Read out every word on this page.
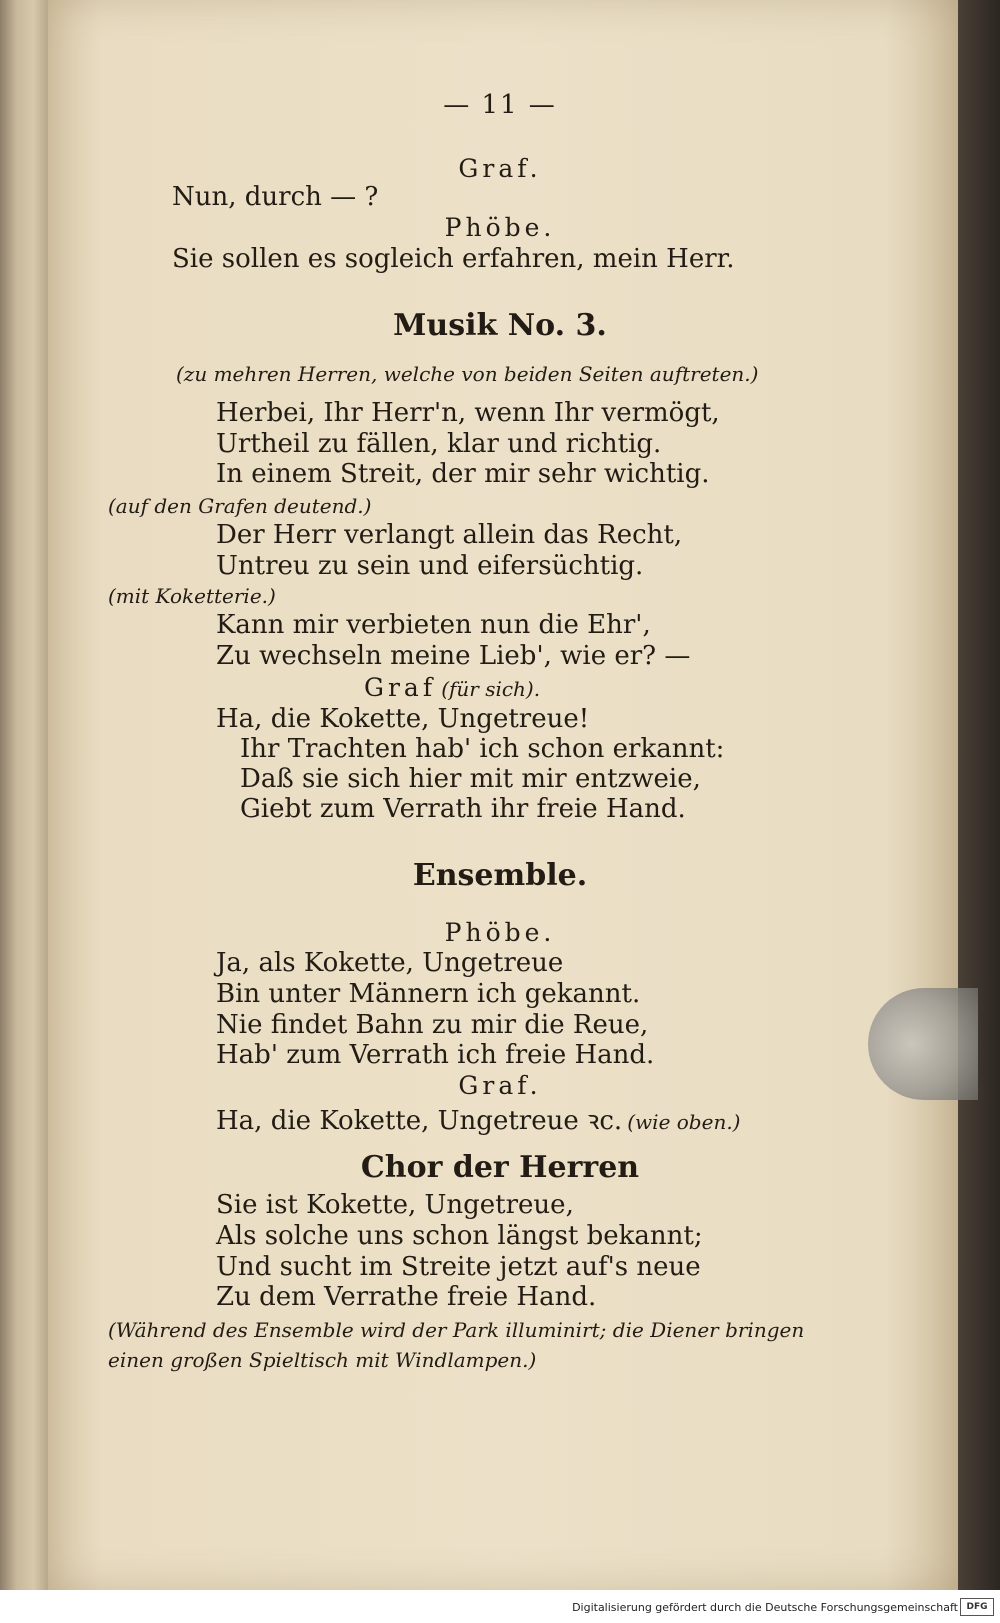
— 11 —
Graf.
Nun, durch — ?
Phöbe.
Sie sollen es sogleich erfahren, mein Herr.
Musik No. 3.
(zu mehren Herren, welche von beiden Seiten auftreten.)
Herbei, Ihr Herr'n, wenn Ihr vermögt,
Urtheil zu fällen, klar und richtig.
In einem Streit, der mir sehr wichtig.
(auf den Grafen deutend.)
Der Herr verlangt allein das Recht,
Untreu zu sein und eifersüchtig.
(mit Koketterie.)
Kann mir verbieten nun die Ehr',
Zu wechseln meine Lieb', wie er? —
Graf (für sich).
Ha, die Kokette, Ungetreue!
Ihr Trachten hab' ich schon erkannt:
Daß sie sich hier mit mir entzweie,
Giebt zum Verrath ihr freie Hand.
Ensemble.
Phöbe.
Ja, als Kokette, Ungetreue
Bin unter Männern ich gekannt.
Nie findet Bahn zu mir die Reue,
Hab' zum Verrath ich freie Hand.
Graf.
Ha, die Kokette, Ungetreue ꝛc. (wie oben.)
Chor der Herren
Sie ist Kokette, Ungetreue,
Als solche uns schon längst bekannt;
Und sucht im Streite jetzt auf's neue
Zu dem Verrathe freie Hand.
(Während des Ensemble wird der Park illuminirt; die Diener bringen
einen großen Spieltisch mit Windlampen.)
Digitalisierung gefördert durch die Deutsche Forschungsgemeinschaft DFG
